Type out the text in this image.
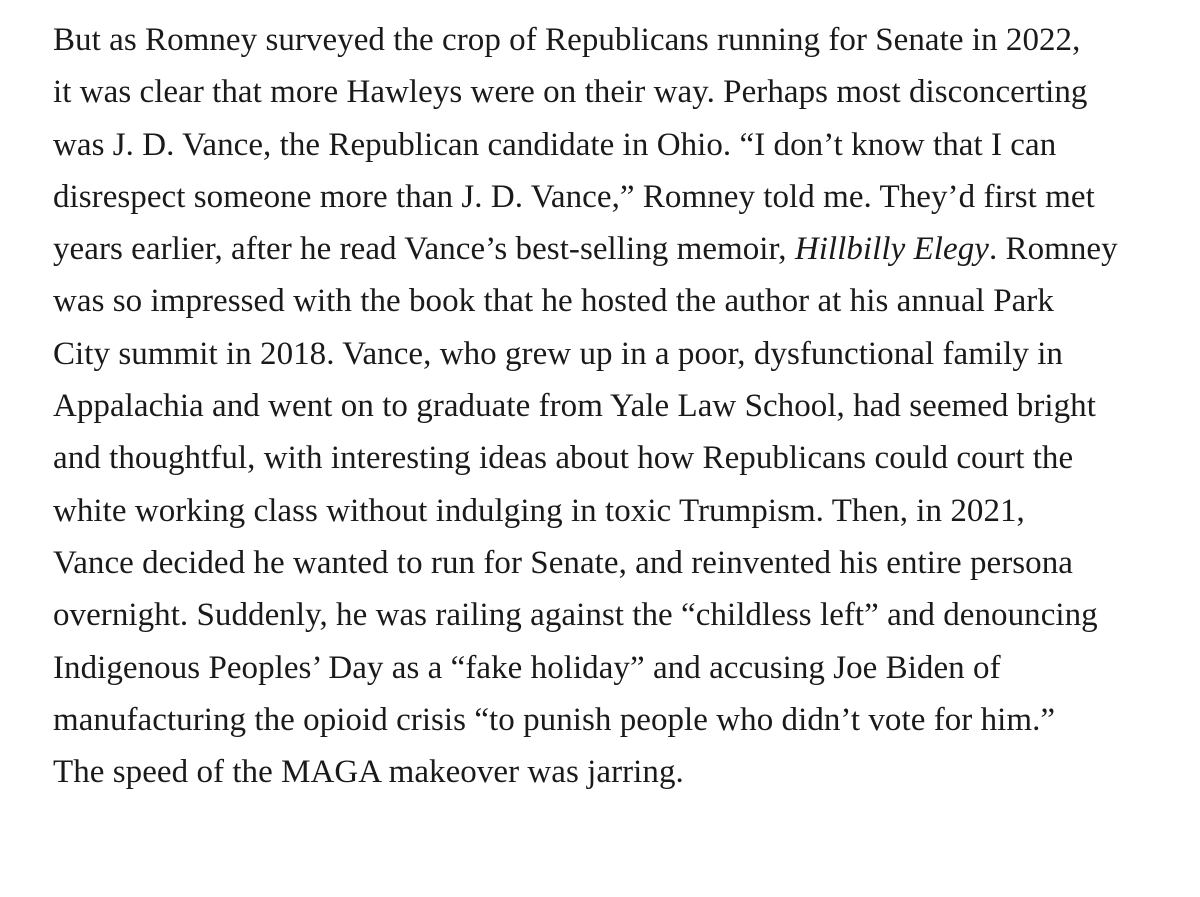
But as Romney surveyed the crop of Republicans running for Senate in 2022,
it was clear that more Hawleys were on their way. Perhaps most disconcerting
was J. D. Vance, the Republican candidate in Ohio. “I don’t know that I can
disrespect someone more than J. D. Vance,” Romney told me. They’d first met
years earlier, after he read Vance’s best-selling memoir, Hillbilly Elegy. Romney
was so impressed with the book that he hosted the author at his annual Park
City summit in 2018. Vance, who grew up in a poor, dysfunctional family in
Appalachia and went on to graduate from Yale Law School, had seemed bright
and thoughtful, with interesting ideas about how Republicans could court the
white working class without indulging in toxic Trumpism. Then, in 2021,
Vance decided he wanted to run for Senate, and reinvented his entire persona
overnight. Suddenly, he was railing against the “childless left” and denouncing
Indigenous Peoples’ Day as a “fake holiday” and accusing Joe Biden of
manufacturing the opioid crisis “to punish people who didn’t vote for him.”
The speed of the MAGA makeover was jarring.
